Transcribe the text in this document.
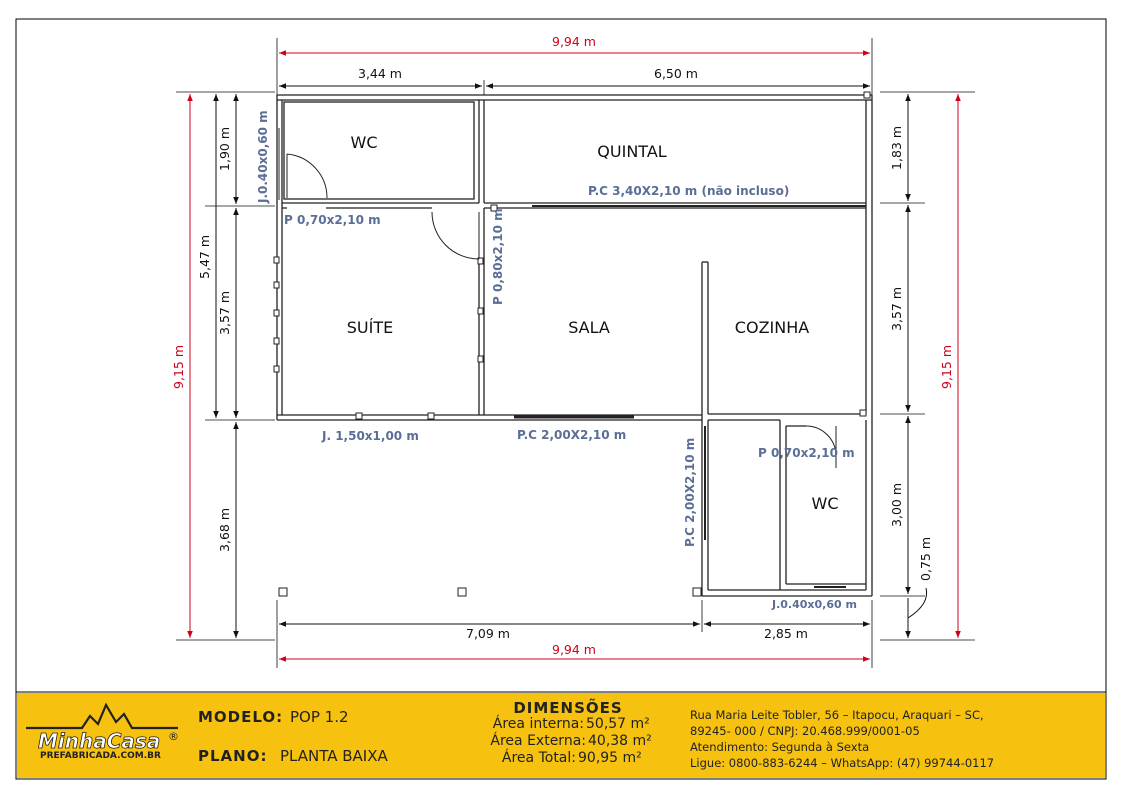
WC	QUINTAL
SUÍTE	SALA	COZINHA
WC
J.0.40x0,60 m
P 0,70x2,10 m	P 0,80x2,10 m
P.C 3,40X2,10 m (não incluso)
J. 1,50x1,00 m	P.C 2,00X2,10 m
P.C 2,00X2,10 m	P 0,70x2,10 m
J.0.40x0,60 m
9,94 m
3,44 m	6,50 m
7,09 m	2,85 m
9,94 m
9,15 m
5,47 m
1,90 m
3,57 m
3,68 m
9,15 m
1,83 m
3,57 m
3,00 m
0,75 m
MinhaCasa ®
PREFABRICADA.COM.BR
MODELO: POP 1.2
PLANO: PLANTA BAIXA
DIMENSÕES
Área interna: 50,57 m²
Área Externa: 40,38 m²
Área Total: 90,95 m²
Rua Maria Leite Tobler, 56 – Itapocu, Araquari – SC,
89245- 000 / CNPJ: 20.468.999/0001-05
Atendimento: Segunda à Sexta
Ligue: 0800-883-6244 – WhatsApp: (47) 99744-0117
